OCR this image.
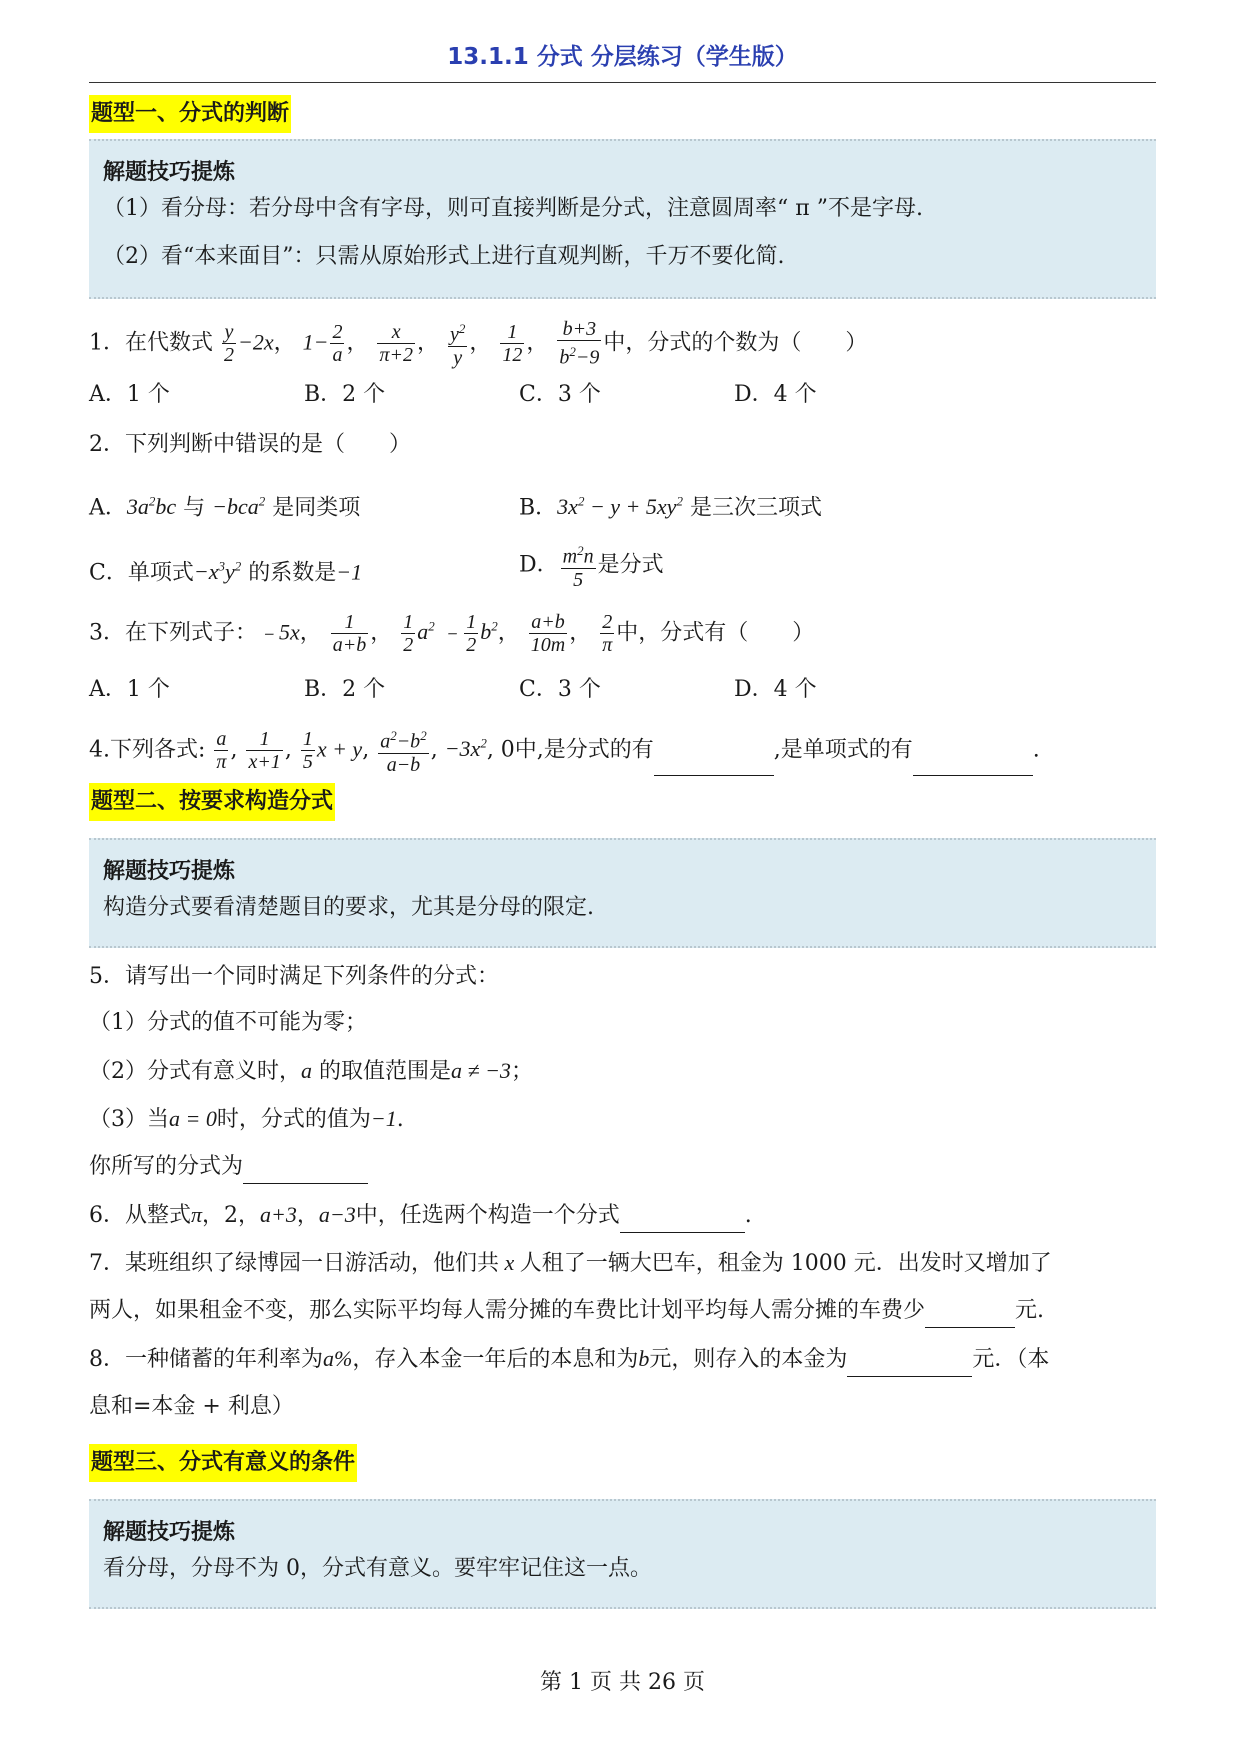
13.1.1 分式 分层练习（学生版）
题型一、分式的判断
解题技巧提炼
（1）看分母：若分母中含有字母，则可直接判断是分式，注意圆周率“ π ”不是字母.
（2）看“本来面目”：只需从原始形式上进行直观判断，千万不要化简.
1．在代数式 $\frac{y}{2} -2x$， $1- \frac{2}{a}$ ， $\frac{x}{\pi+2}$ ， $\frac{y^2}{y}$ ， $\frac{1}{12}$ ， $\frac{b+3}{b^2-9}$ 中，分式的个数为（　　）
A．1 个	B．2 个	C．3 个	D．4 个
2．下列判断中错误的是（　　）
A．$3a^2bc$ 与 −bca$^2$ 是同类项	B．$3x^2 - y + 5xy^2$ 是三次三项式
C．单项式$-x^3y^2$ 的系数是−1	D． $\frac{m^2n}{5}$ 是分式
3．在下列式子：﹣5x， $\frac{1}{a+b}$ ， $\frac{1}{2} a^2$ ﹣ $\frac{1}{2} b^2$， $\frac{a+b}{10m}$ ， $\frac{2}{\pi}$ 中，分式有（　　）
A．1 个	B．2 个	C．3 个	D．4 个
4.下列各式: $\frac{a}{\pi}$ , $\frac{1}{x+1}$ , $\frac{1}{5}$ x + y, $\frac{a^2-b^2}{a-b}$ , $-3x^2$, 0中,是分式的有	,是单项式的有	.
题型二、按要求构造分式
解题技巧提炼
构造分式要看清楚题目的要求，尤其是分母的限定.
5．请写出一个同时满足下列条件的分式：
（1）分式的值不可能为零；
（2）分式有意义时，a 的取值范围是a ≠ −3；
（3）当a = 0时，分式的值为−1.
你所写的分式为
6．从整式π，2，a+3，a−3中，任选两个构造一个分式	.
7．某班组织了绿博园一日游活动，他们共 x 人租了一辆大巴车，租金为 1000 元．出发时又增加了
两人，如果租金不变，那么实际平均每人需分摊的车费比计划平均每人需分摊的车费少	元.
8．一种储蓄的年利率为a%，存入本金一年后的本息和为b元，则存入的本金为	元．（本
息和=本金 + 利息）
题型三、分式有意义的条件
解题技巧提炼
看分母，分母不为 0，分式有意义。要牢牢记住这一点。
第 1 页 共 26 页
